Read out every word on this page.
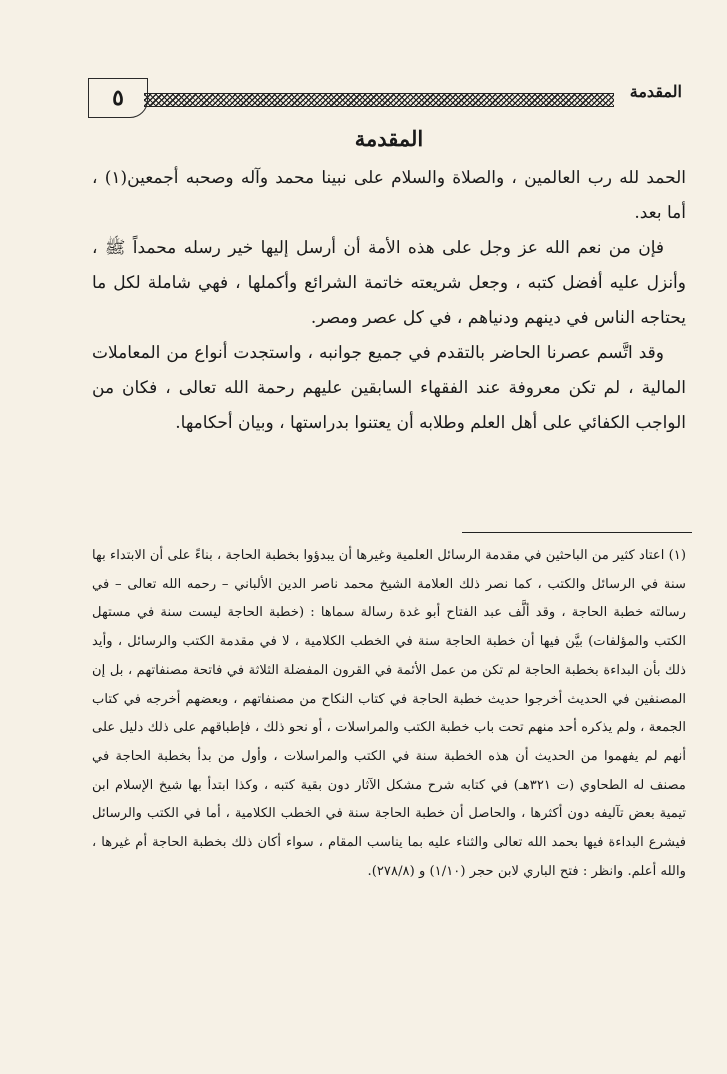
٥	المقدمة
المقدمة

الحمد لله رب العالمين ، والصلاة والسلام على نبينا محمد وآله وصحبه أجمعين(١) ، أما بعد.

فإن من نعم الله عز وجل على هذه الأمة أن أرسل إليها خير رسله محمداً ﷺ ، وأنزل عليه أفضل كتبه ، وجعل شريعته خاتمة الشرائع وأكملها ، فهي شاملة لكل ما يحتاجه الناس في دينهم ودنياهم ، في كل عصر ومصر.

وقد اتَّسم عصرنا الحاضر بالتقدم في جميع جوانبه ، واستجدت أنواع من المعاملات المالية ، لم تكن معروفة عند الفقهاء السابقين عليهم رحمة الله تعالى ، فكان من الواجب الكفائي على أهل العلم وطلابه أن يعتنوا بدراستها ، وبيان أحكامها.

(١) اعتاد كثير من الباحثين في مقدمة الرسائل العلمية وغيرها أن يبدؤوا بخطبة الحاجة ، بناءً على أن الابتداء بها سنة في الرسائل والكتب ، كما نصر ذلك العلامة الشيخ محمد ناصر الدين الألباني – رحمه الله تعالى – في رسالته خطبة الحاجة ، وقد ألَّف عبد الفتاح أبو غدة رسالة سماها : (خطبة الحاجة ليست سنة في مستهل الكتب والمؤلفات) بيَّن فيها أن خطبة الحاجة سنة في الخطب الكلامية ، لا في مقدمة الكتب والرسائل ، وأيد ذلك بأن البداءة بخطبة الحاجة لم تكن من عمل الأئمة في القرون المفضلة الثلاثة في فاتحة مصنفاتهم ، بل إن المصنفين في الحديث أخرجوا حديث خطبة الحاجة في كتاب النكاح من مصنفاتهم ، وبعضهم أخرجه في كتاب الجمعة ، ولم يذكره أحد منهم تحت باب خطبة الكتب والمراسلات ، أو نحو ذلك ، فإطباقهم على ذلك دليل على أنهم لم يفهموا من الحديث أن هذه الخطبة سنة في الكتب والمراسلات ، وأول من بدأ بخطبة الحاجة في مصنف له الطحاوي (ت ٣٢١هـ) في كتابه شرح مشكل الآثار دون بقية كتبه ، وكذا ابتدأ بها شيخ الإسلام ابن تيمية بعض تآليفه دون أكثرها ، والحاصل أن خطبة الحاجة سنة في الخطب الكلامية ، أما في الكتب والرسائل فيشرع البداءة فيها بحمد الله تعالى والثناء عليه بما يناسب المقام ، سواء أكان ذلك بخطبة الحاجة أم غيرها ، والله أعلم. وانظر : فتح الباري لابن حجر (١/١٠) و (٢٧٨/٨).
